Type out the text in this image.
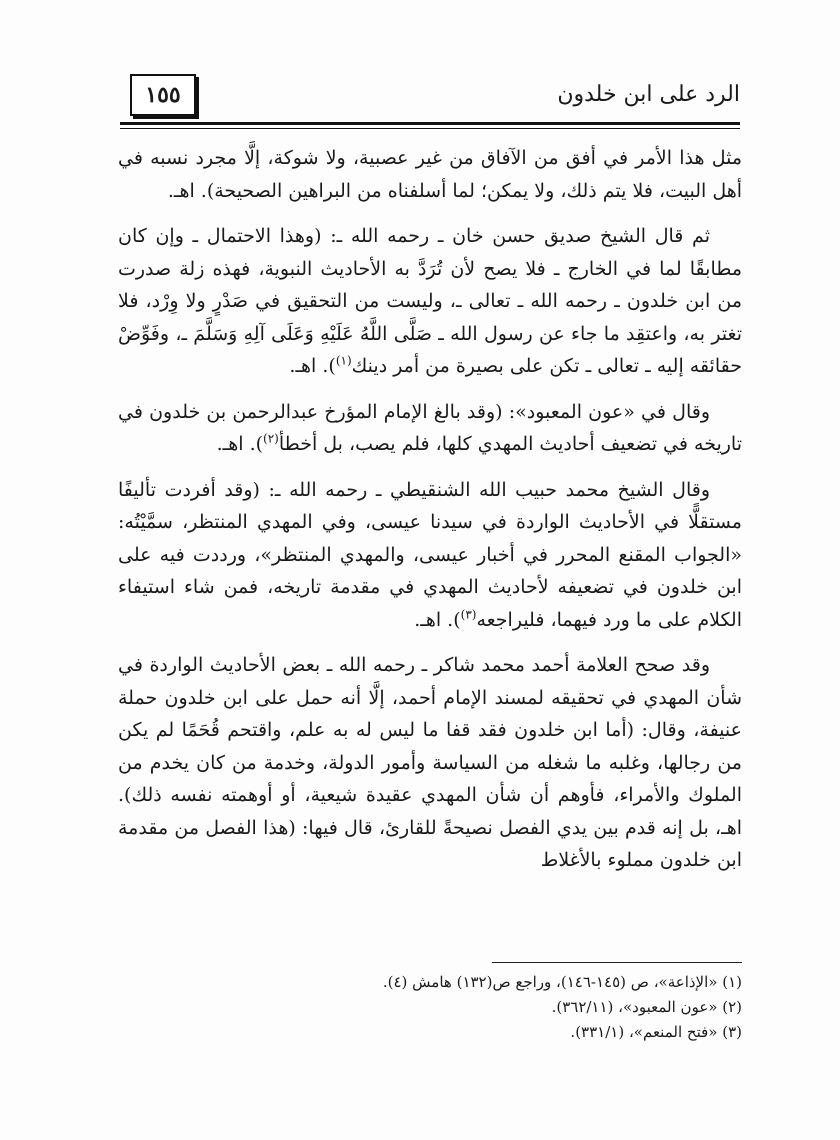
١٥٥	الرد على ابن خلدون

مثل هذا الأمر في أفق من الآفاق من غير عصبية، ولا شوكة، إلَّا مجرد نسبه في أهل البيت، فلا يتم ذلك، ولا يمكن؛ لما أسلفناه من البراهين الصحيحة). اهـ.

ثم قال الشيخ صديق حسن خان ـ رحمه الله ـ: (وهذا الاحتمال ـ وإن كان مطابقًا لما في الخارج ـ فلا يصح لأن تُرَدَّ به الأحاديث النبوية، فهذه زلة صدرت من ابن خلدون ـ رحمه الله ـ تعالى ـ، وليست من التحقيق في صَدْرٍ ولا وِرْد، فلا تغتر به، واعتقِد ما جاء عن رسول الله ـ صَلَّى اللَّهُ عَلَيْهِ وَعَلَى آلِهِ وَسَلَّمَ ـ، وفَوِّضْ حقائقه إليه ـ تعالى ـ تكن على بصيرة من أمر دينك$^{(١)}$). اهـ.

وقال في «عون المعبود»: (وقد بالغ الإمام المؤرخ عبدالرحمن بن خلدون في تاريخه في تضعيف أحاديث المهدي كلها، فلم يصب، بل أخطأ$^{(٢)}$). اهـ.

وقال الشيخ محمد حبيب الله الشنقيطي ـ رحمه الله ـ: (وقد أفردت تأليفًا مستقلًّا في الأحاديث الواردة في سيدنا عيسى، وفي المهدي المنتظر، سمَّيْتُه: «الجواب المقنع المحرر في أخبار عيسى، والمهدي المنتظر»، ورددت فيه على ابن خلدون في تضعيفه لأحاديث المهدي في مقدمة تاريخه، فمن شاء استيفاء الكلام على ما ورد فيهما، فليراجعه$^{(٣)}$). اهـ.

وقد صحح العلامة أحمد محمد شاكر ـ رحمه الله ـ بعض الأحاديث الواردة في شأن المهدي في تحقيقه لمسند الإمام أحمد، إلَّا أنه حمل على ابن خلدون حملة عنيفة، وقال: (أما ابن خلدون فقد قفا ما ليس له به علم، واقتحم قُحَمًا لم يكن من رجالها، وغلبه ما شغله من السياسة وأمور الدولة، وخدمة من كان يخدم من الملوك والأمراء، فأوهم أن شأن المهدي عقيدة شيعية، أو أوهمته نفسه ذلك). اهـ، بل إنه قدم بين يدي الفصل نصيحةً للقارئ، قال فيها: (هذا الفصل من مقدمة ابن خلدون مملوء بالأغلاط

(١) «الإذاعة»، ص (١٤٥-١٤٦)، وراجع ص(١٣٢) هامش (٤).
(٢) «عون المعبود»، (٣٦٢/١١).
(٣) «فتح المنعم»، (٣٣١/١).
